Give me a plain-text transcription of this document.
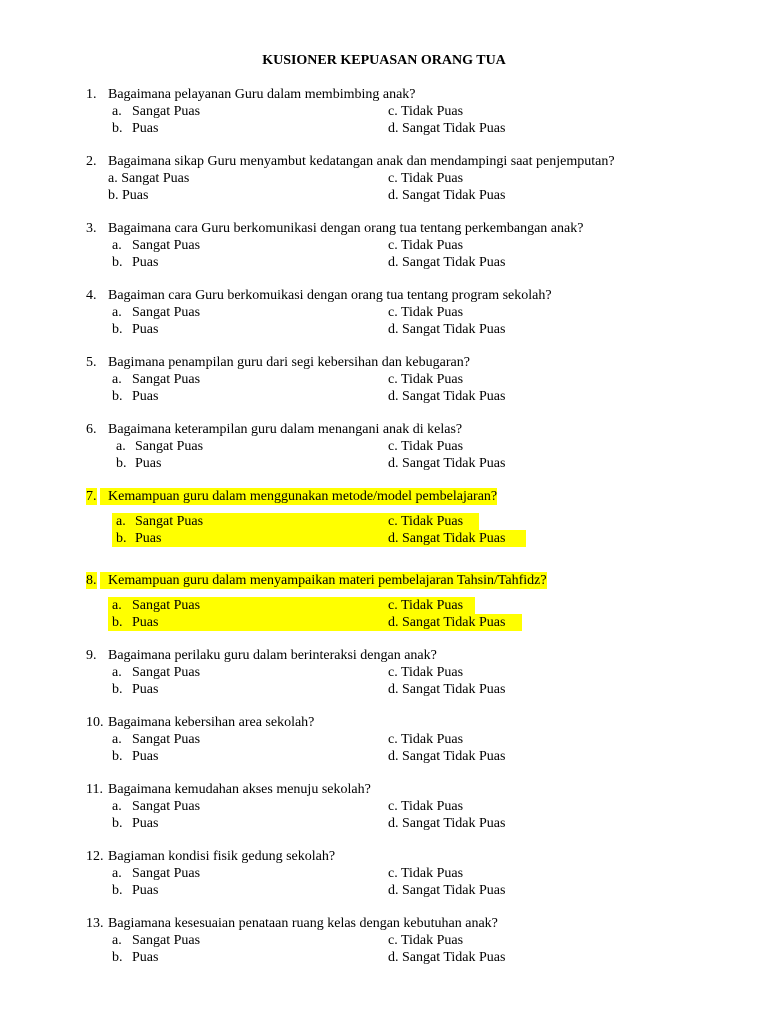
KUSIONER KEPUASAN ORANG TUA
1. Bagaimana pelayanan Guru dalam membimbing anak?
a. Sangat Puas	c. Tidak Puas
b. Puas	d. Sangat Tidak Puas
2. Bagaimana sikap Guru menyambut kedatangan anak dan mendampingi saat penjemputan?
a. Sangat Puas	c. Tidak Puas
b. Puas	d. Sangat Tidak Puas
3. Bagaimana cara Guru berkomunikasi dengan orang tua tentang perkembangan anak?
a. Sangat Puas	c. Tidak Puas
b. Puas	d. Sangat Tidak Puas
4. Bagaiman cara Guru berkomuikasi dengan orang tua tentang program sekolah?
a. Sangat Puas	c. Tidak Puas
b. Puas	d. Sangat Tidak Puas
5. Bagimana penampilan guru dari segi kebersihan dan kebugaran?
a. Sangat Puas	c. Tidak Puas
b. Puas	d. Sangat Tidak Puas
6. Bagaimana keterampilan guru dalam menangani anak di kelas?
a. Sangat Puas	c. Tidak Puas
b. Puas	d. Sangat Tidak Puas
7. Kemampuan guru dalam menggunakan metode/model pembelajaran?
a. Sangat Puas	c. Tidak Puas
b. Puas	d. Sangat Tidak Puas
8. Kemampuan guru dalam menyampaikan materi pembelajaran Tahsin/Tahfidz?
a. Sangat Puas	c. Tidak Puas
b. Puas	d. Sangat Tidak Puas
9. Bagaimana perilaku guru dalam berinteraksi dengan anak?
a. Sangat Puas	c. Tidak Puas
b. Puas	d. Sangat Tidak Puas
10. Bagaimana kebersihan area sekolah?
a. Sangat Puas	c. Tidak Puas
b. Puas	d. Sangat Tidak Puas
11. Bagaimana kemudahan akses menuju sekolah?
a. Sangat Puas	c. Tidak Puas
b. Puas	d. Sangat Tidak Puas
12. Bagiaman kondisi fisik gedung sekolah?
a. Sangat Puas	c. Tidak Puas
b. Puas	d. Sangat Tidak Puas
13. Bagiamana kesesuaian penataan ruang kelas dengan kebutuhan anak?
a. Sangat Puas	c. Tidak Puas
b. Puas	d. Sangat Tidak Puas
